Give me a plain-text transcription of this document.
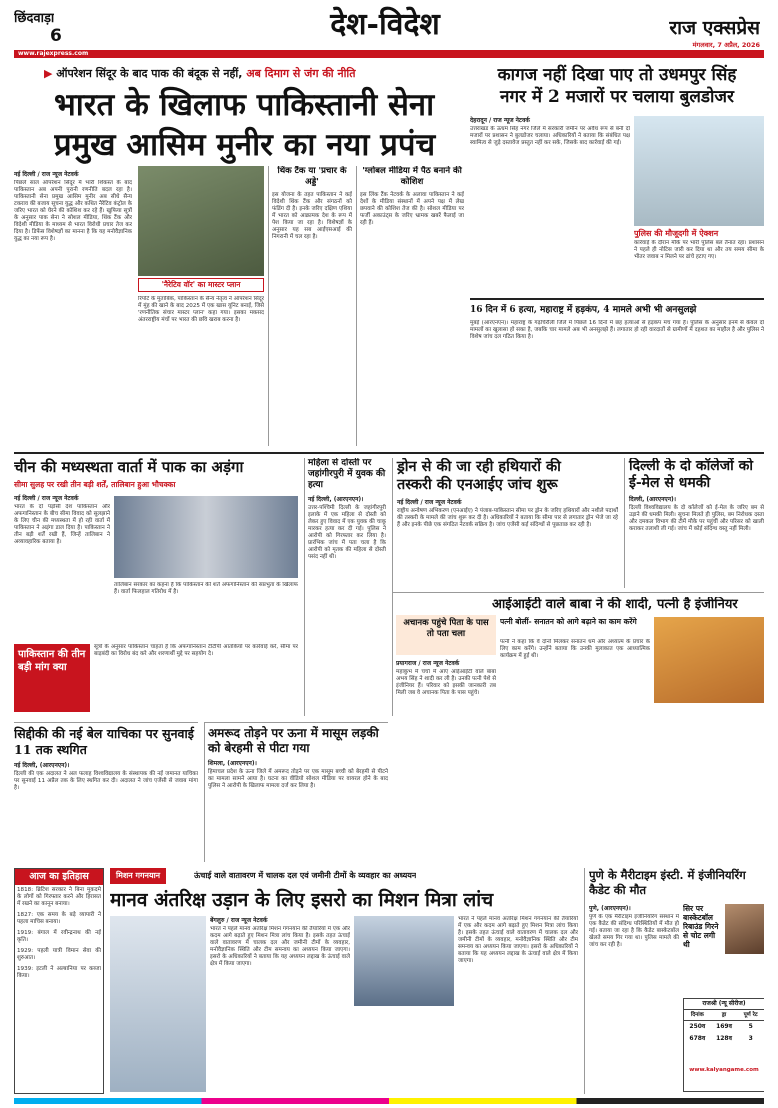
छिंदवाड़ा
6	देश-विदेश	राज एक्सप्रेस
मंगलवार, 7 अप्रैल, 2026
www.rajexpress.com
▶ ऑपरेशन सिंदूर के बाद पाक की बंदूक से नहीं, अब दिमाग से जंग की नीति
भारत के खिलाफ पाकिस्तानी सेना
प्रमुख आसिम मुनीर का नया प्रपंच
नई दिल्ली / राज न्यूज नेटवर्क
पिछले साल ऑपरेशन सिंदूर में भारी शिकस्त के बाद पाकिस्तान अब अपनी पुरानी रणनीति बदल रहा है। पाकिस्तानी सेना प्रमुख आसिम मुनीर अब सीधे सैन्य टकराव की बजाय सूचना युद्ध और कथित नैरेटिव कंट्रोल के जरिए भारत को घेरने की कोशिश कर रहे हैं। खुफिया सूत्रों के अनुसार पाक सेना ने सोशल मीडिया, थिंक टैंक और विदेशी मीडिया के माध्यम से भारत विरोधी प्रचार तेज कर दिया है। डिफेंस विशेषज्ञों का मानना है कि यह मनोवैज्ञानिक युद्ध का नया रूप है।
'नैरेटिव वॉर' का मास्टर प्लान
रिपोर्ट के मुताबिक, पाकिस्तान के सैन्य नेतृत्व ने ऑपरेशन सिंदूर में मुंह की खाने के बाद 2025 में एक खास यूनिट बनाई, जिसे 'रणनीतिक संचार मास्टर प्लान' कहा गया। इसका मकसद अंतरराष्ट्रीय मंचों पर भारत की छवि खराब करना है।
थिंक टैंक या 'प्रचार के अड्डे'
इस योजना के तहत पाकिस्तान ने कई विदेशी थिंक टैंक और संगठनों को फंडिंग दी है। इनके जरिए दक्षिण एशिया में भारत को आक्रामक देश के रूप में पेश किया जा रहा है। विशेषज्ञों के अनुसार यह सब आईएसआई की निगरानी में चल रहा है।
'ग्लोबल मीडिया में पैठ बनाने की कोशिश
इस लिंक टैंक नेटवर्क के अलावा पाकिस्तान ने कई देशों के मीडिया संस्थानों में अपने पक्ष में लेख छपवाने की कोशिश तेज की है। सोशल मीडिया पर फर्जी अकाउंट्स के जरिए भ्रामक खबरें फैलाई जा रही हैं।
कागज नहीं दिखा पाए तो उधमपुर सिंह
नगर में 2 मजारों पर चलाया बुलडोजर
देहरादून / राज न्यूज नेटवर्क
उत्तराखंड के ऊधम सिंह नगर जिले में सरकारी जमीन पर अवैध रूप से बनी दो मजारों पर प्रशासन ने बुलडोजर चलाया। अधिकारियों ने बताया कि संबंधित पक्ष स्वामित्व से जुड़े दस्तावेज प्रस्तुत नहीं कर सके, जिसके बाद कार्रवाई की गई।
पुलिस की मौजूदगी में ऐक्शन
कार्रवाई के दौरान मौके पर भारी पुलिस बल तैनात रहा। प्रशासन ने पहले ही नोटिस जारी कर दिया था और तय समय सीमा के भीतर जवाब न मिलने पर ढांचे हटाए गए।
16 दिन में 6 हत्या, महाराष्ट्र में हड़कंप, 4 मामले अभी भी अनसुलझे
मुंबई (आरएनएन)। महाराष्ट्र के गढ़चिरौली जिले में पिछले 16 दिनों में छह हत्याओं से हड़कंप मच गया है। पुलिस के अनुसार इनमें से केवल दो मामलों का खुलासा हो सका है, जबकि चार मामले अब भी अनसुलझे हैं। लगातार हो रही वारदातों से ग्रामीणों में दहशत का माहौल है और पुलिस ने विशेष जांच दल गठित किया है।
चीन की मध्यस्थता वार्ता में पाक का अड़ंगा
सीमा सुलह पर रखी तीन बड़ी शर्तें, तालिबान हुआ भौचक्का
नई दिल्ली / राज न्यूज नेटवर्क
भारत के दो पड़ोसी देश पाकिस्तान और अफगानिस्तान के बीच सीमा विवाद को सुलझाने के लिए चीन की मध्यस्थता में हो रही वार्ता में पाकिस्तान ने अड़ंगा डाल दिया है। पाकिस्तान ने तीन बड़ी शर्तें रखी हैं, जिन्हें तालिबान ने अव्यावहारिक बताया है।
तालिबान सरकार का कहना है कि पाकिस्तान की शर्तें अफगानिस्तान की संप्रभुता के खिलाफ हैं। वार्ता फिलहाल गतिरोध में है।
पाकिस्तान की तीन बड़ी मांग क्या
सूत्रों के अनुसार पाकिस्तान चाहता है कि अफगानिस्तान टीटीपी आतंकियों पर कार्रवाई करे, सीमा पर बाड़बंदी का विरोध बंद करे और शरणार्थी मुद्दे पर सहयोग दे।
महिला से दोस्ती पर जहांगीरपुरी में युवक की हत्या
नई दिल्ली, (आरएनएन)।
उत्तर-पश्चिमी दिल्ली के जहांगीरपुरी इलाके में एक महिला से दोस्ती को लेकर हुए विवाद में एक युवक की चाकू मारकर हत्या कर दी गई। पुलिस ने आरोपी को गिरफ्तार कर लिया है। प्रारंभिक जांच में पता चला है कि आरोपी को मृतक की महिला से दोस्ती पसंद नहीं थी।
ड्रोन से की जा रही हथियारों की
तस्करी की एनआईए जांच शुरू
नई दिल्ली / राज न्यूज नेटवर्क
राष्ट्रीय अन्वेषण अभिकरण (एनआईए) ने पंजाब-पाकिस्तान सीमा पर ड्रोन के जरिए हथियारों और नशीले पदार्थों की तस्करी के मामले की जांच शुरू कर दी है। अधिकारियों ने बताया कि सीमा पार से लगातार ड्रोन भेजे जा रहे हैं और इनके पीछे एक संगठित नेटवर्क सक्रिय है। जांच एजेंसी कई संदिग्धों से पूछताछ कर रही है।
दिल्ली के दो कॉलेजों को ई-मेल से धमकी
दिल्ली, (आरएनएन)।
दिल्ली विश्वविद्यालय के दो कॉलेजों को ई-मेल के जरिए बम से उड़ाने की धमकी मिली। सूचना मिलते ही पुलिस, बम निरोधक दस्ता और दमकल विभाग की टीमें मौके पर पहुंचीं और परिसर को खाली कराकर तलाशी ली गई। जांच में कोई संदिग्ध वस्तु नहीं मिली।
आईआईटी वाले बाबा ने की शादी, पत्नी है इंजीनियर
अचानक पहुंचे पिता के पास तो पता चला
प्रयागराज / राज न्यूज नेटवर्क
महाकुंभ में चर्चा में आए आईआईटी वाले बाबा अभय सिंह ने शादी कर ली है। उनकी पत्नी पेशे से इंजीनियर हैं। परिवार को इसकी जानकारी तब मिली जब वे अचानक पिता के पास पहुंचे।
पत्नी बोलीं- सनातन को आगे बढ़ाने का काम करेंगे
पत्नी ने कहा कि वे दोनों मिलकर सनातन धर्म और अध्यात्म के प्रचार के लिए काम करेंगे। उन्होंने बताया कि उनकी मुलाकात एक आध्यात्मिक कार्यक्रम में हुई थी।
सिद्दीकी की नई बेल याचिका पर सुनवाई 11 तक स्थगित
नई दिल्ली, (आरएनएन)।
दिल्ली की एक अदालत ने अल फलाह विश्वविद्यालय के संस्थापक की नई जमानत याचिका पर सुनवाई 11 अप्रैल तक के लिए स्थगित कर दी। अदालत ने जांच एजेंसी से जवाब मांगा है।
अमरूद तोड़ने पर ऊना में मासूम लड़की को बेरहमी से पीटा गया
शिमला, (आरएनएन)।
हिमाचल प्रदेश के ऊना जिले में अमरूद तोड़ने पर एक मासूम बच्ची को बेरहमी से पीटने का मामला सामने आया है। घटना का वीडियो सोशल मीडिया पर वायरल होने के बाद पुलिस ने आरोपी के खिलाफ मामला दर्ज कर लिया है।
आज का इतिहास
1818: ब्रिटिश सरकार ने बिना मुकदमे के लोगों को गिरफ्तार करने और हिरासत में रखने का कानून बनाया।
1827: एक समय के बड़े व्यापारी ने पहला माचिस बनाया।
1919: बंगाल में रवीन्द्रनाथ की नई कृति।
1929: पहली यात्री विमान सेवा की शुरुआत।
1939: इटली ने अल्बानिया पर कब्जा किया।
मिशन गगनयान	ऊंचाई वाले वातावरण में चालक दल एवं जमीनी टीमों के व्यवहार का अध्ययन
मानव अंतरिक्ष उड़ान के लिए इसरो का मिशन मित्रा लांच
बेंगलुरु / राज न्यूज नेटवर्क
भारत ने पहले मानव अंतरिक्ष मिशन गगनयान की तैयारियों में एक और कदम आगे बढ़ाते हुए मिशन मित्रा लांच किया है। इसके तहत ऊंचाई वाले वातावरण में चालक दल और जमीनी टीमों के व्यवहार, मनोवैज्ञानिक स्थिति और टीम समन्वय का अध्ययन किया जाएगा। इसरो के अधिकारियों ने बताया कि यह अध्ययन लद्दाख के ऊंचाई वाले क्षेत्र में किया जाएगा।
भारत ने पहले मानव अंतरिक्ष मिशन गगनयान की तैयारियों में एक और कदम आगे बढ़ाते हुए मिशन मित्रा लांच किया है। इसके तहत ऊंचाई वाले वातावरण में चालक दल और जमीनी टीमों के व्यवहार, मनोवैज्ञानिक स्थिति और टीम समन्वय का अध्ययन किया जाएगा। इसरो के अधिकारियों ने बताया कि यह अध्ययन लद्दाख के ऊंचाई वाले क्षेत्र में किया जाएगा।
पुणे के मैरीटाइम इंस्टी. में इंजीनियरिंग कैडेट की मौत
पुणे, (आरएनएन)।
पुणे के एक मैरीटाइम इंजीनियरिंग संस्थान में एक कैडेट की संदिग्ध परिस्थितियों में मौत हो गई। बताया जा रहा है कि कैडेट बास्केटबॉल खेलते समय गिर गया था। पुलिस मामले की जांच कर रही है।
सिर पर बास्केटबॉल रिबाउंड गिरने से चोट लगी थी
राजश्री (न्यू सीरीज)
दिनांक	ड्रा	पूर्ण रेट
250व	169व	5
678व	128व	3
www.kalyangame.com
